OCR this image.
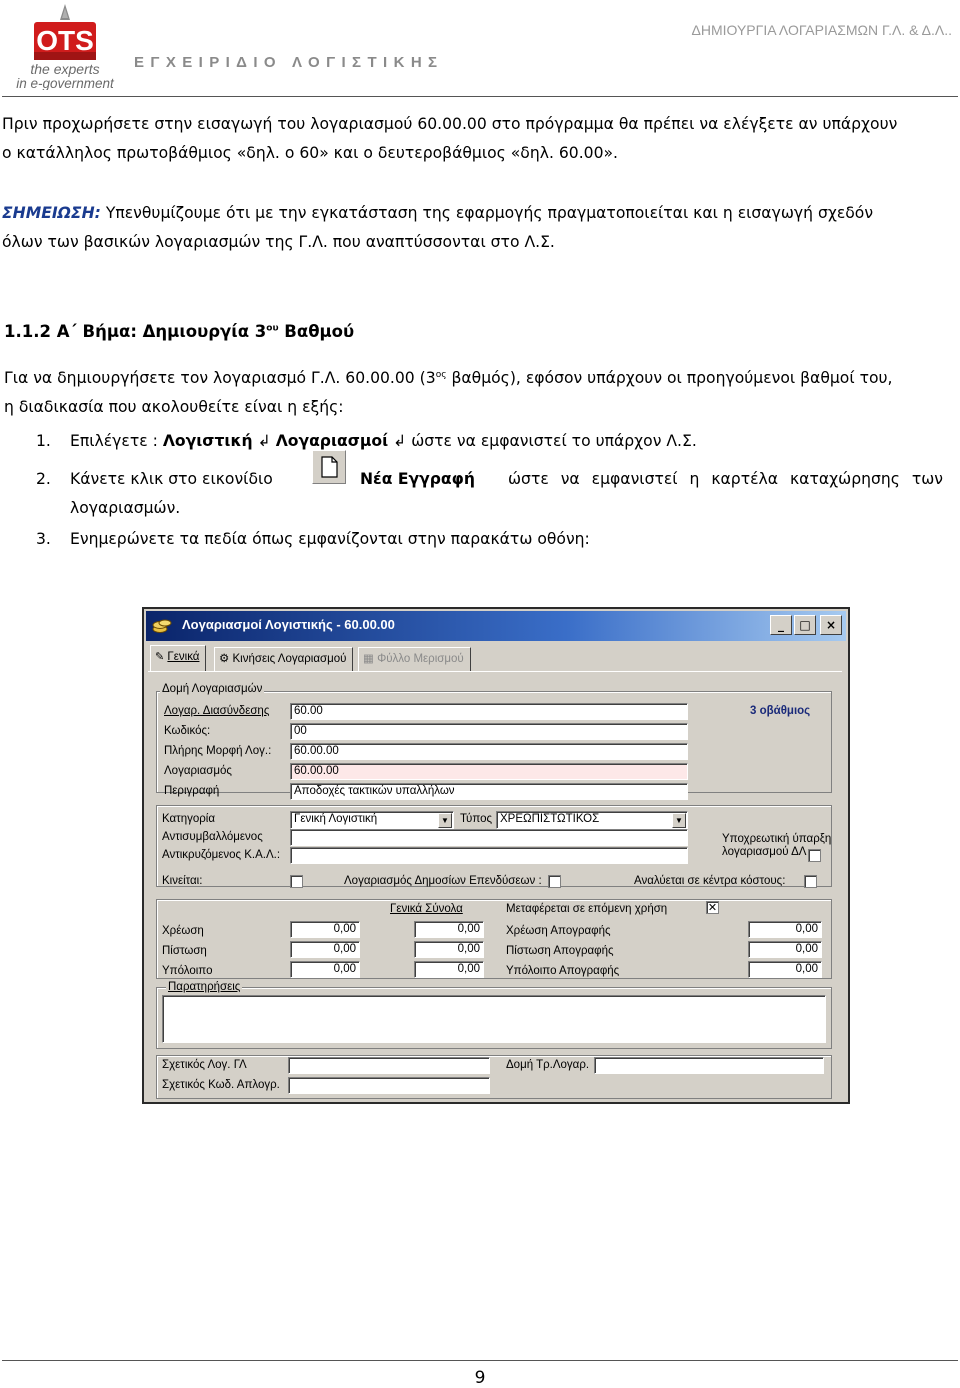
OTS
the experts
in e-government
ΕΓΧΕΙΡΙΔΙΟ ΛΟΓΙΣΤΙΚΗΣ
ΔΗΜΙΟΥΡΓΙΑ ΛΟΓΑΡΙΑΣΜΩΝ Γ.Λ. & Δ.Λ..
Πριν προχωρήσετε στην εισαγωγή του λογαριασμού 60.00.00 στο πρόγραμμα θα πρέπει να ελέγξετε αν υπάρχουν
ο κατάλληλος πρωτοβάθμιος «δηλ. ο 60» και ο δευτεροβάθμιος «δηλ. 60.00».
ΣΗΜΕΙΩΣΗ: Υπενθυμίζουμε ότι με την εγκατάσταση της εφαρμογής πραγματοποιείται και η εισαγωγή σχεδόν
όλων των βασικών λογαριασμών της Γ.Λ. που αναπτύσσονται στο Λ.Σ.
1.1.2 Α΄ Βήμα: Δημιουργία $3^{o\upsilon}$ Βαθμού
Για να δημιουργήσετε τον λογαριασμό Γ.Λ. 60.00.00 ($3^{o\varsigma}$ βαθμός), εφόσον υπάρχουν οι προηγούμενοι βαθμοί του,
η διαδικασία που ακολουθείτε είναι η εξής:
1. Επιλέγετε : Λογιστική ↲ Λογαριασμοί ↲ ώστε να εμφανιστεί το υπάρχον Λ.Σ.
2. Κάνετε κλικ στο εικονίδιο	Νέα Εγγραφή ώστε να εμφανιστεί η καρτέλα καταχώρησης των
λογαριασμών.
3. Ενημερώνετε τα πεδία όπως εμφανίζονται στην παρακάτω οθόνη:
Λογαριασμοί Λογιστικής - 60.00.00	_	□	×
✎ Γενικά	⚙ Κινήσεις Λογαριασμού	▦ Φύλλο Μερισμού
Δομή Λογαριασμών
Λογαρ. Διασύνδεσης	60.00	3 οβάθμιος
Κωδικός:	00
Πλήρης Μορφή Λογ.:	60.00.00
Λογαριασμός	60.00.00
Περιγραφή	Αποδοχές τακτικών υπαλλήλων
Κατηγορία	Γενική Λογιστική	▼ Τύπος ΧΡΕΩΠΙΣΤΩΤΙΚΟΣ	▼
Αντισυμβαλλόμενος
Αντικρυζόμενος Κ.Α.Λ.:
Υποχρεωτική ύπαρξη λογαριασμού ΔΛ
Κινείται:	Λογαριασμός Δημοσίων Επενδύσεων :	Αναλύεται σε κέντρα κόστους:
Γενικά Σύνολα	Μεταφέρεται σε επόμενη χρήση	✕
Χρέωση	0,00	0,00	Χρέωση Απογραφής	0,00
Πίστωση	0,00	0,00	Πίστωση Απογραφής	0,00
Υπόλοιπο	0,00	0,00	Υπόλοιπο Απογραφής	0,00
Παρατηρήσεις
Σχετικός Λογ. ΓΛ	Δομή Τρ.Λογαρ.
Σχετικός Κωδ. Απλογρ.
9
